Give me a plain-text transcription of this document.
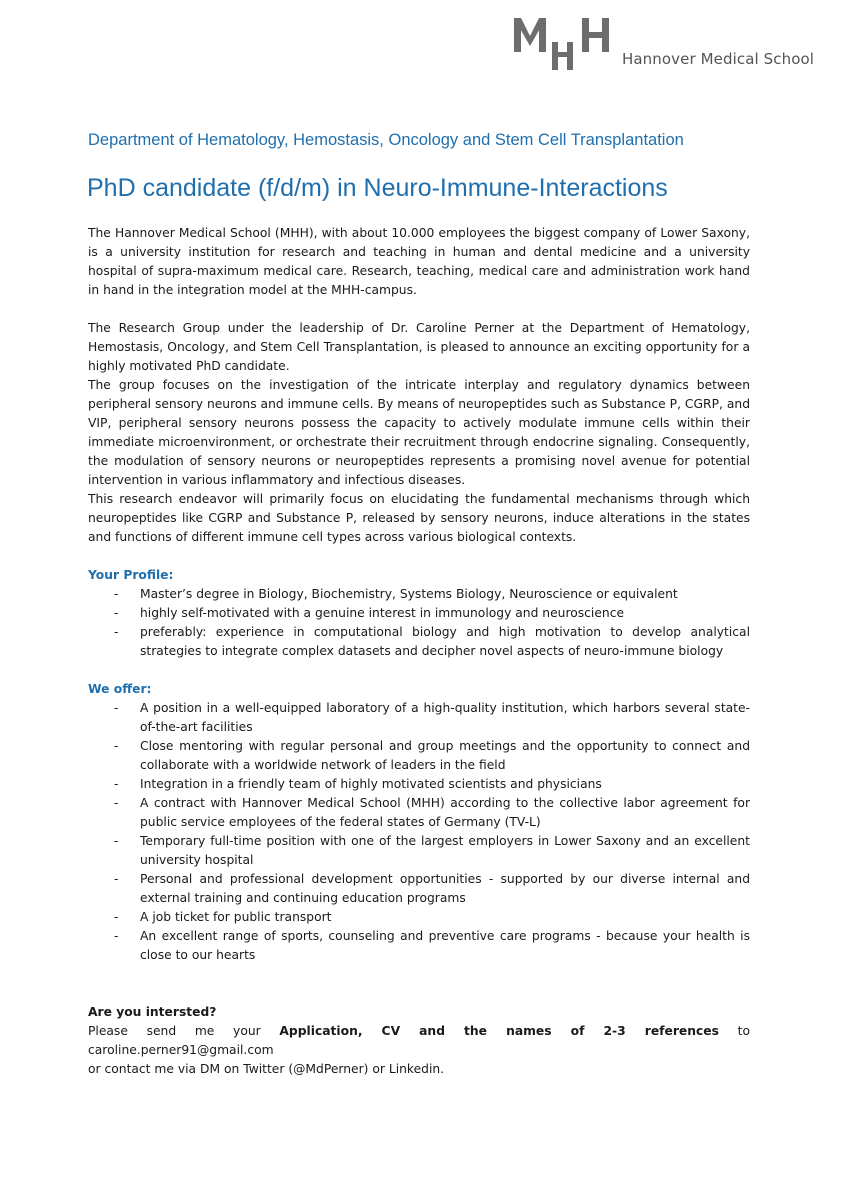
Hannover Medical School
Department of Hematology, Hemostasis, Oncology and Stem Cell Transplantation
PhD candidate (f/d/m) in Neuro-Immune-Interactions

The Hannover Medical School (MHH), with about 10.000 employees the biggest company of Lower Saxony, is a university institution for research and teaching in human and dental medicine and a university hospital of supra-maximum medical care. Research, teaching, medical care and administration work hand in hand in the integration model at the MHH-campus.

The Research Group under the leadership of Dr. Caroline Perner at the Department of Hematology, Hemostasis, Oncology, and Stem Cell Transplantation, is pleased to announce an exciting opportunity for a highly motivated PhD candidate.

The group focuses on the investigation of the intricate interplay and regulatory dynamics between peripheral sensory neurons and immune cells. By means of neuropeptides such as Substance P, CGRP, and VIP, peripheral sensory neurons possess the capacity to actively modulate immune cells within their immediate microenvironment, or orchestrate their recruitment through endocrine signaling. Consequently, the modulation of sensory neurons or neuropeptides represents a promising novel avenue for potential intervention in various inflammatory and infectious diseases.

This research endeavor will primarily focus on elucidating the fundamental mechanisms through which neuropeptides like CGRP and Substance P, released by sensory neurons, induce alterations in the states and functions of different immune cell types across various biological contexts.

Your Profile:

- Master’s degree in Biology, Biochemistry, Systems Biology, Neuroscience or equivalent
- highly self-motivated with a genuine interest in immunology and neuroscience
- preferably: experience in computational biology and high motivation to develop analytical strategies to integrate complex datasets and decipher novel aspects of neuro-immune biology

We offer:

- A position in a well-equipped laboratory of a high-quality institution, which harbors several state-of-the-art facilities
- Close mentoring with regular personal and group meetings and the opportunity to connect and collaborate with a worldwide network of leaders in the field
- Integration in a friendly team of highly motivated scientists and physicians
- A contract with Hannover Medical School (MHH) according to the collective labor agreement for public service employees of the federal states of Germany (TV-L)
- Temporary full-time position with one of the largest employers in Lower Saxony and an excellent university hospital
- Personal and professional development opportunities - supported by our diverse internal and external training and continuing education programs
- A job ticket for public transport
- An excellent range of sports, counseling and preventive care programs - because your health is close to our hearts

Are you intersted?

Please send me your Application, CV and the names of 2-3 references to caroline.perner91@gmail.com

or contact me via DM on Twitter (@MdPerner) or Linkedin.
